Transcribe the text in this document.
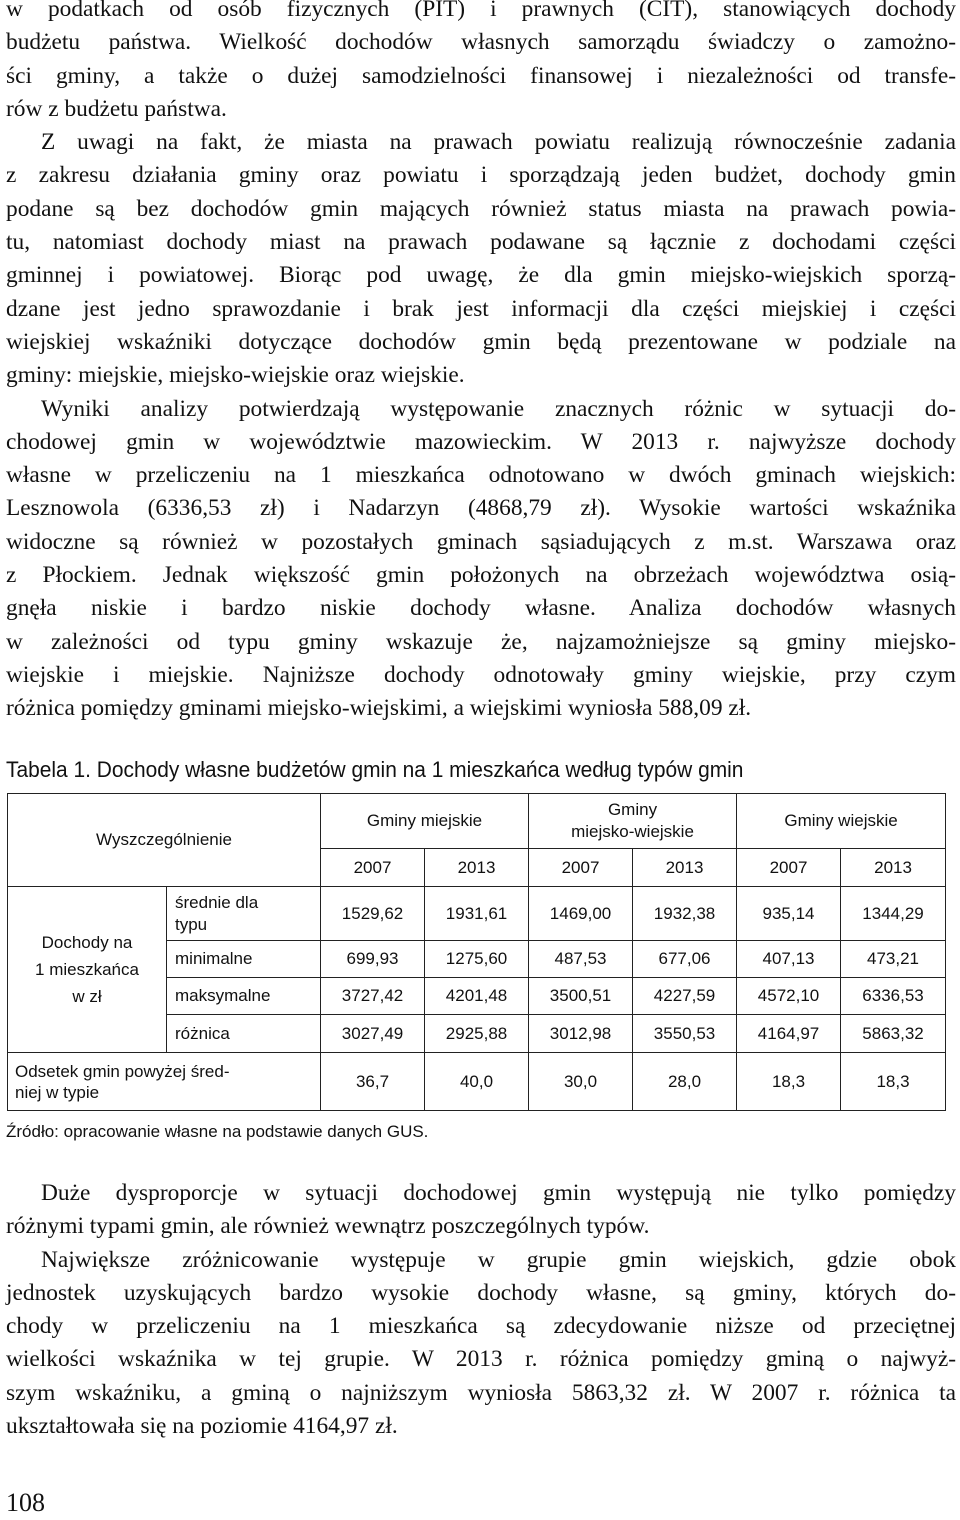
w podatkach od osób fizycznych (PIT) i prawnych (CIT), stanowiących dochody
budżetu państwa. Wielkość dochodów własnych samorządu świadczy o zamożno-
ści gminy, a także o dużej samodzielności finansowej i niezależności od transfe-
rów z budżetu państwa.
Z uwagi na fakt, że miasta na prawach powiatu realizują równocześnie zadania
z zakresu działania gminy oraz powiatu i sporządzają jeden budżet, dochody gmin
podane są bez dochodów gmin mających również status miasta na prawach powia-
tu, natomiast dochody miast na prawach podawane są łącznie z dochodami części
gminnej i powiatowej. Biorąc pod uwagę, że dla gmin miejsko-wiejskich sporzą-
dzane jest jedno sprawozdanie i brak jest informacji dla części miejskiej i części
wiejskiej wskaźniki dotyczące dochodów gmin będą prezentowane w podziale na
gminy: miejskie, miejsko-wiejskie oraz wiejskie.
Wyniki analizy potwierdzają występowanie znacznych różnic w sytuacji do-
chodowej gmin w województwie mazowieckim. W 2013 r. najwyższe dochody
własne w przeliczeniu na 1 mieszkańca odnotowano w dwóch gminach wiejskich:
Lesznowola (6336,53 zł) i Nadarzyn (4868,79 zł). Wysokie wartości wskaźnika
widoczne są również w pozostałych gminach sąsiadujących z m.st. Warszawa oraz
z Płockiem. Jednak większość gmin położonych na obrzeżach województwa osią-
gnęła niskie i bardzo niskie dochody własne. Analiza dochodów własnych
w zależności od typu gminy wskazuje że, najzamożniejsze są gminy miejsko-
wiejskie i miejskie. Najniższe dochody odnotowały gminy wiejskie, przy czym
różnica pomiędzy gminami miejsko-wiejskimi, a wiejskimi wyniosła 588,09 zł.
Tabela 1. Dochody własne budżetów gmin na 1 mieszkańca według typów gmin
Wyszczególnienie		Gminy miejskie		Gminy
miejsko-wiejskie		Gminy wiejskie	
		2007	2013	2007	2013	2007	2013
Dochody na
1 mieszkańca
w zł	średnie dla
typu	1529,62	1931,61	1469,00	1932,38	935,14	1344,29
	minimalne	699,93	1275,60	487,53	677,06	407,13	473,21
	maksymalne	3727,42	4201,48	3500,51	4227,59	4572,10	6336,53
	różnica	3027,49	2925,88	3012,98	3550,53	4164,97	5863,32
Odsetek gmin powyżej śred-
niej w typie		36,7	40,0	30,0	28,0	18,3	18,3
Źródło: opracowanie własne na podstawie danych GUS.
Duże dysproporcje w sytuacji dochodowej gmin występują nie tylko pomiędzy
różnymi typami gmin, ale również wewnątrz poszczególnych typów.
Największe zróżnicowanie występuje w grupie gmin wiejskich, gdzie obok
jednostek uzyskujących bardzo wysokie dochody własne, są gminy, których do-
chody w przeliczeniu na 1 mieszkańca są zdecydowanie niższe od przeciętnej
wielkości wskaźnika w tej grupie. W 2013 r. różnica pomiędzy gminą o najwyż-
szym wskaźniku, a gminą o najniższym wyniosła 5863,32 zł. W 2007 r. różnica ta
ukształtowała się na poziomie 4164,97 zł.
108
